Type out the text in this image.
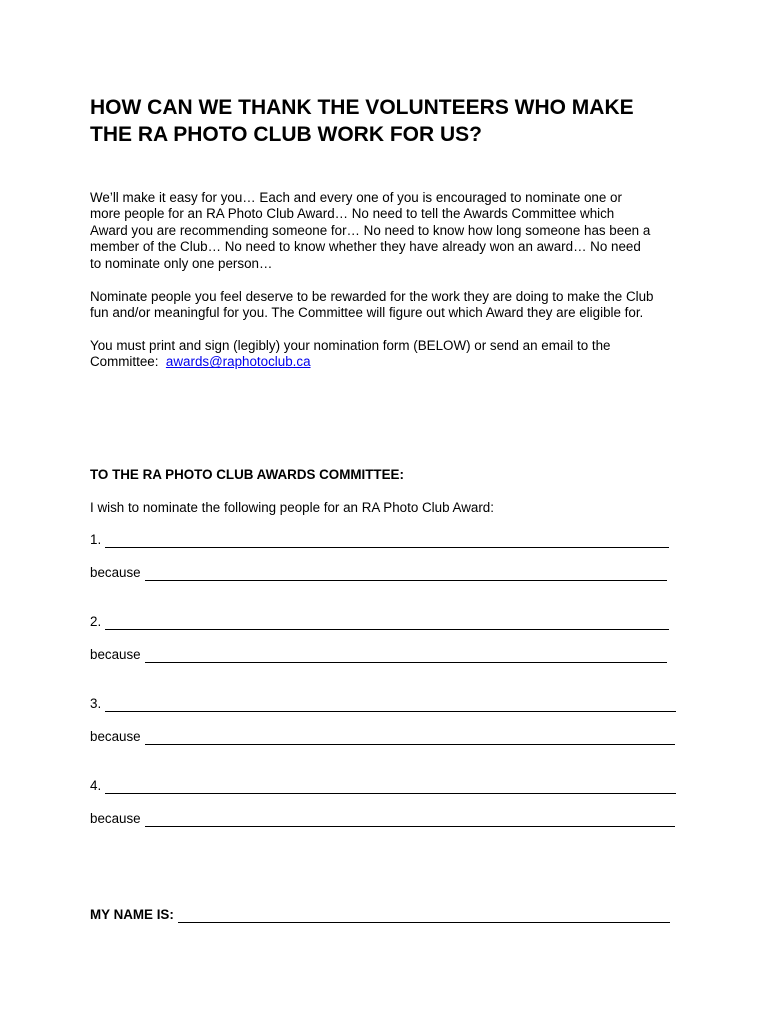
HOW CAN WE THANK THE VOLUNTEERS WHO MAKE
THE RA PHOTO CLUB WORK FOR US?

We’ll make it easy for you… Each and every one of you is encouraged to nominate one or
more people for an RA Photo Club Award… No need to tell the Awards Committee which
Award you are recommending someone for… No need to know how long someone has been a
member of the Club… No need to know whether they have already won an award… No need
to nominate only one person…

Nominate people you feel deserve to be rewarded for the work they are doing to make the Club
fun and/or meaningful for you. The Committee will figure out which Award they are eligible for.

You must print and sign (legibly) your nomination form (BELOW) or send an email to the
Committee: awards@raphotoclub.ca

TO THE RA PHOTO CLUB AWARDS COMMITTEE:

I wish to nominate the following people for an RA Photo Club Award:

1.
because
2.
because
3.
because
4.
because
MY NAME IS:
